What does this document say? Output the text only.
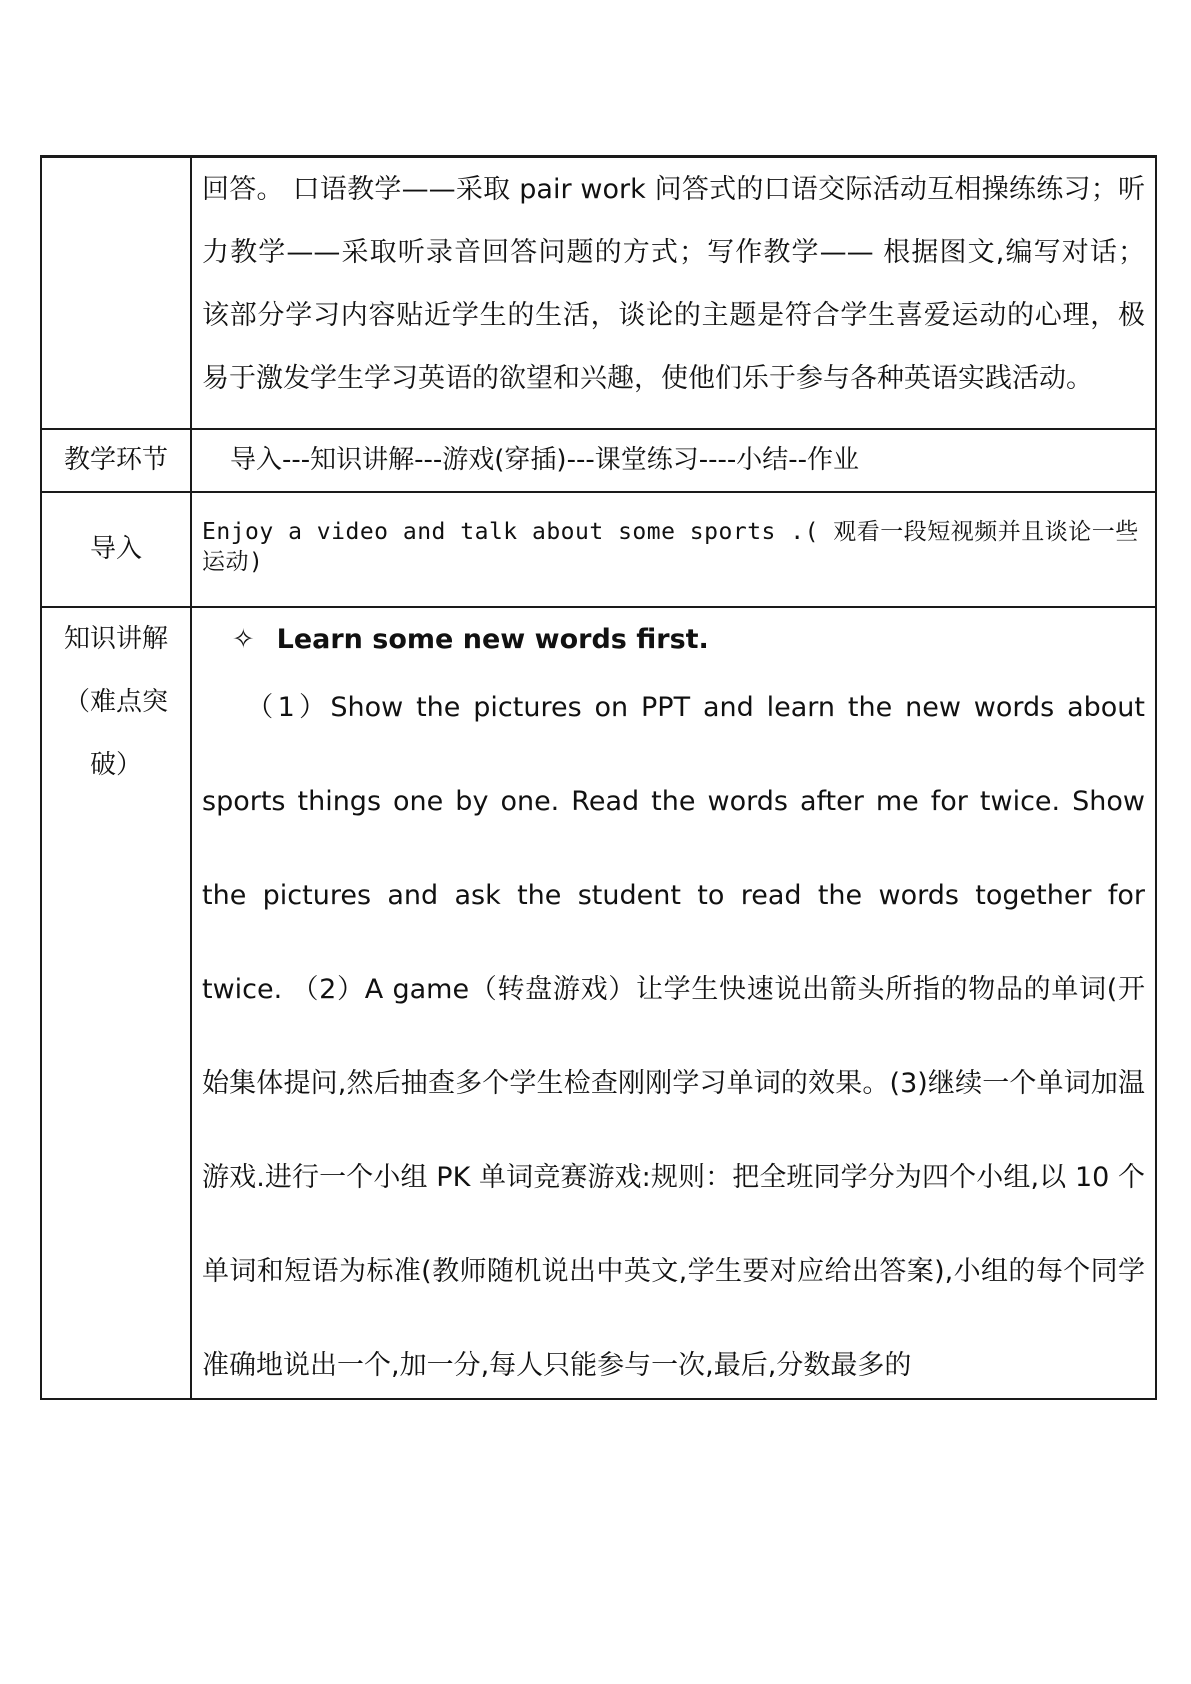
	回答。 口语教学——采取 pair work 问答式的口语交际活动互相操练练习；听力教学——采取听录音回答问题的方式；写作教学—— 根据图文,编写对话； 该部分学习内容贴近学生的生活，谈论的主题是符合学生喜爱运动的心理，极易于激发学生学习英语的欲望和兴趣，使他们乐于参与各种英语实践活动。

教学环节	导入---知识讲解---游戏(穿插)---课堂练习----小结--作业

导入	Enjoy a video and talk about some sports .( 观看一段短视频并且谈论一些运动)

知识讲解（难点突破）	✧ Learn some new words first.
（1）Show the pictures on PPT and learn the new words about sports things one by one. Read the words after me for twice. Show the pictures and ask the student to read the words together for twice. （2）A game（转盘游戏）让学生快速说出箭头所指的物品的单词(开始集体提问,然后抽查多个学生检查刚刚学习单词的效果。(3)继续一个单词加温游戏.进行一个小组 PK 单词竞赛游戏:规则：把全班同学分为四个小组,以 10 个单词和短语为标准(教师随机说出中英文,学生要对应给出答案),小组的每个同学准确地说出一个,加一分,每人只能参与一次,最后,分数最多的
